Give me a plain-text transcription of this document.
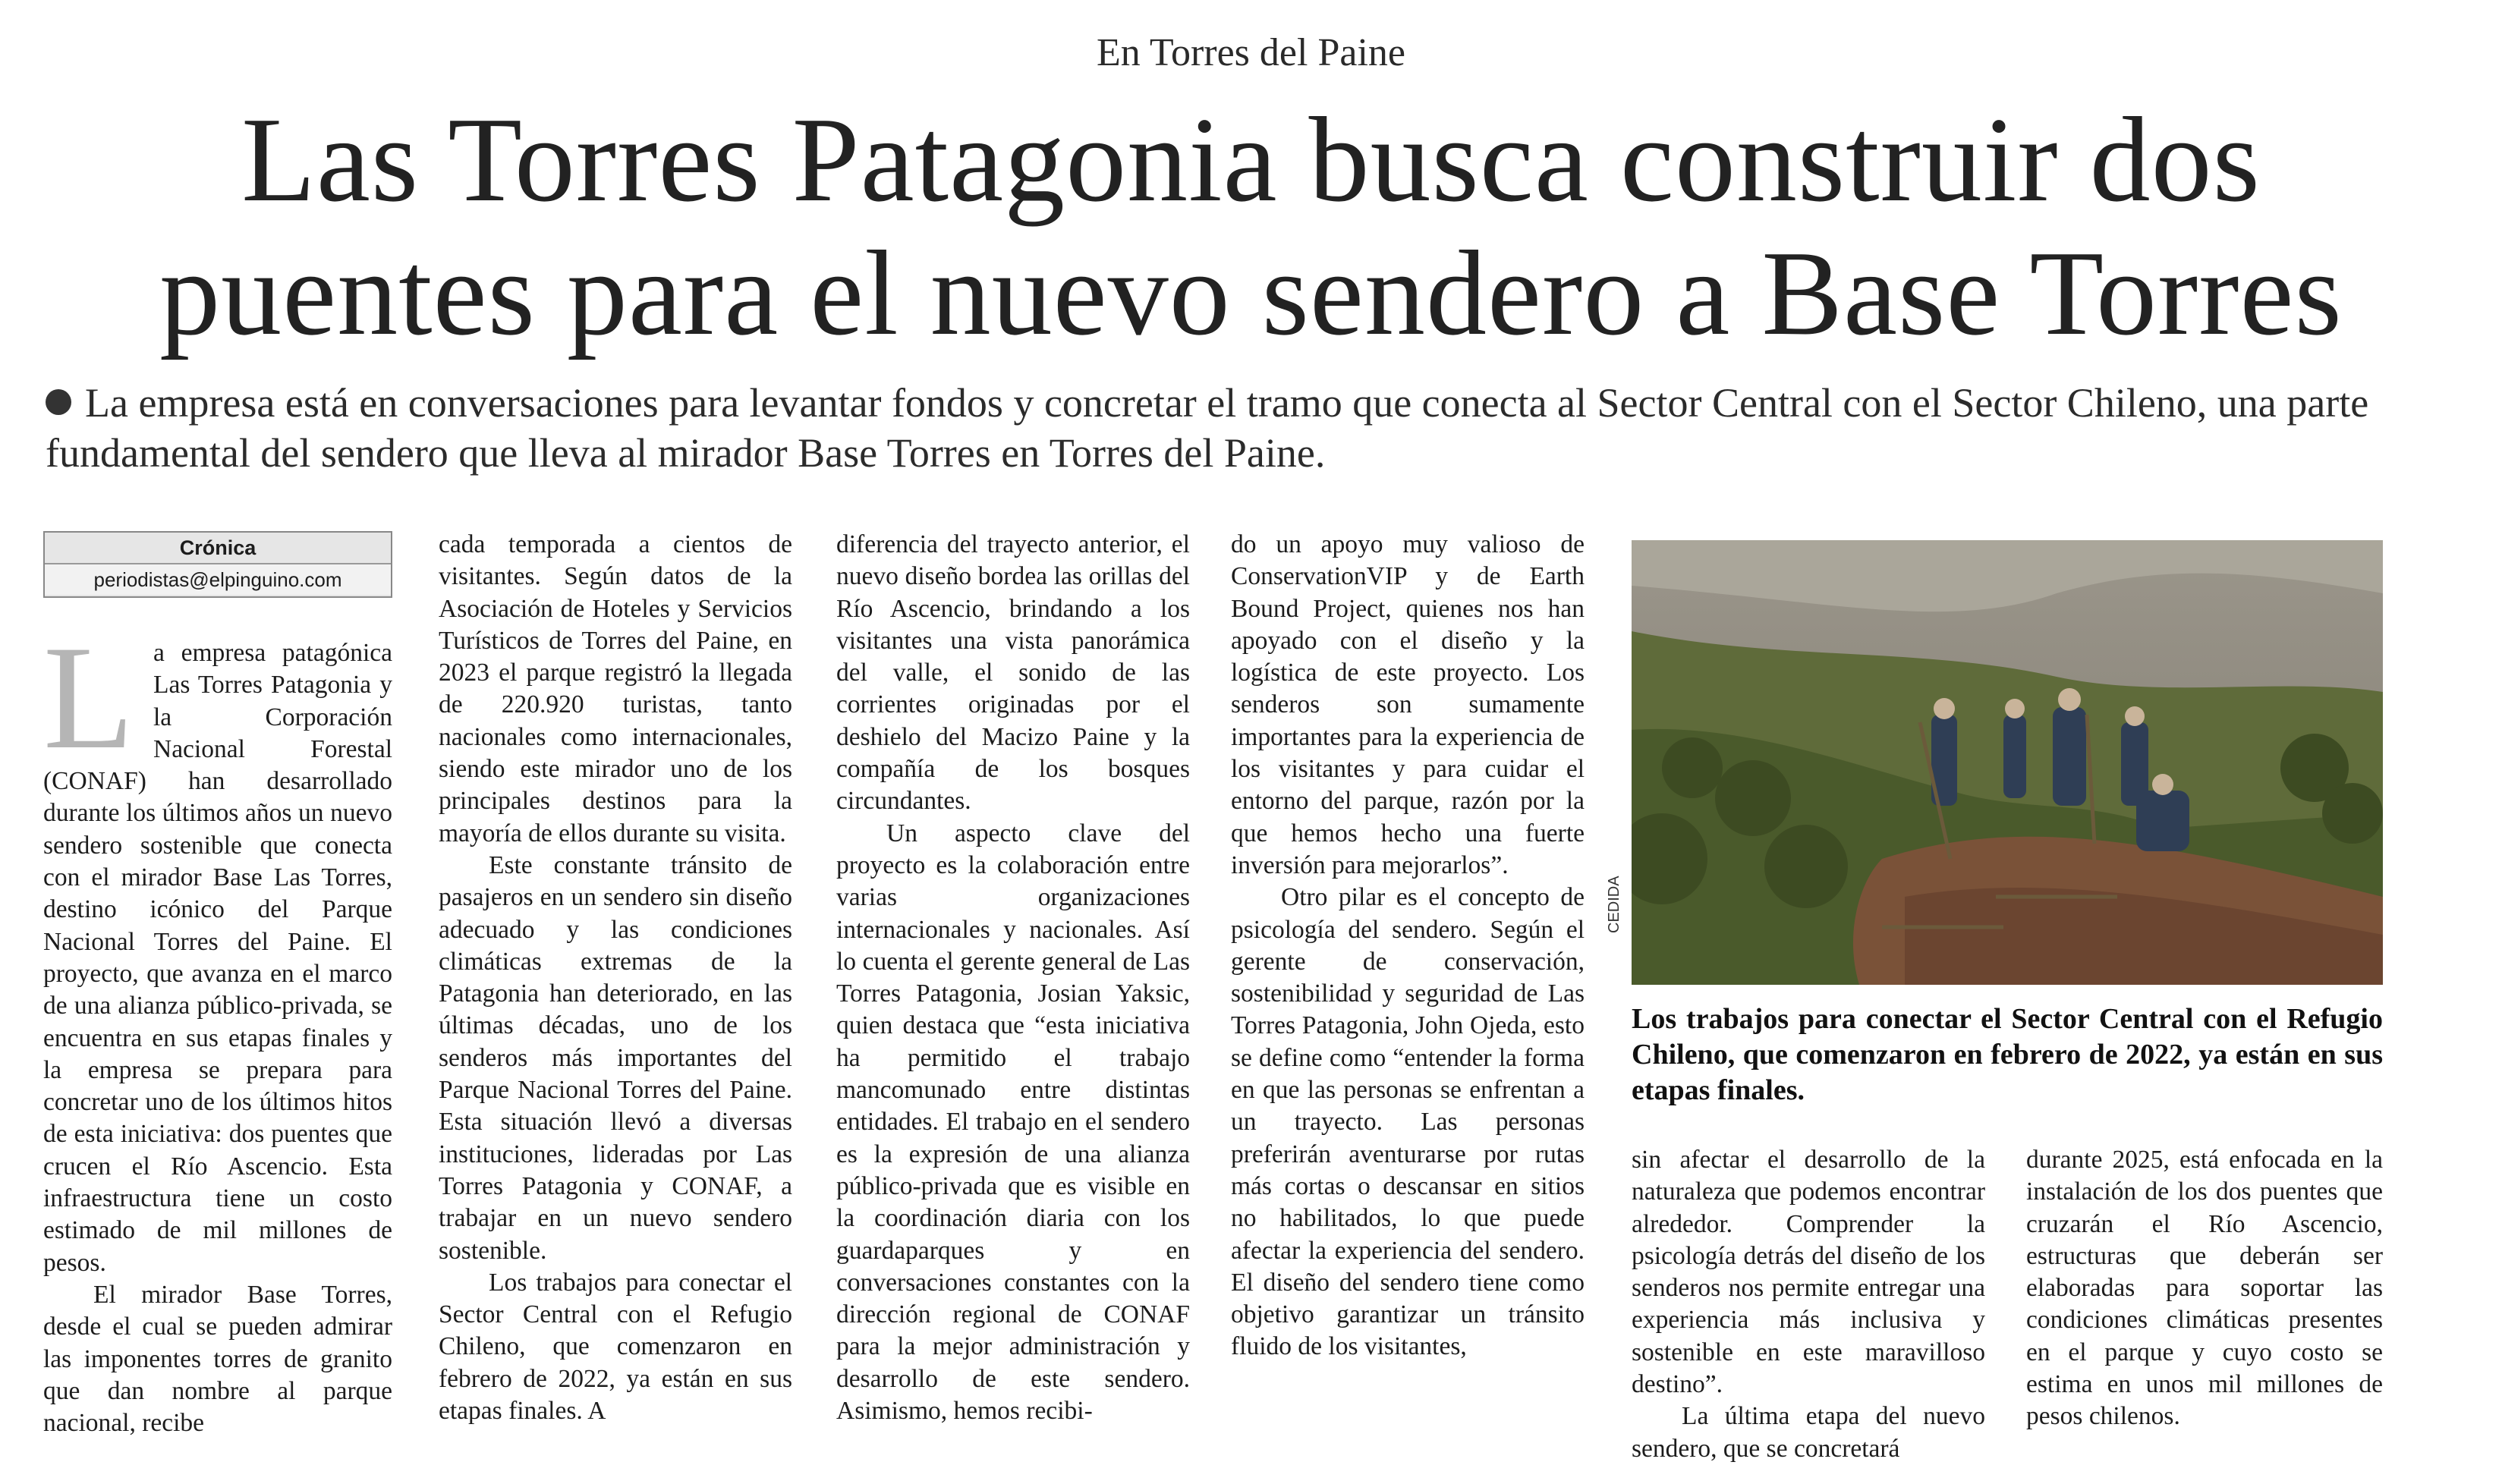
En Torres del Paine
Las Torres Patagonia busca construir dos
puentes para el nuevo sendero a Base Torres
La empresa está en conversaciones para levantar fondos y concretar el tramo que conecta al Sector Central con el Sector Chileno, una parte fundamental del sendero que lleva al mirador Base Torres en Torres del Paine.
Crónica
periodistas@elpinguino.com

La empresa patagónica Las Torres Patagonia y la Corporación Nacional Forestal (CONAF) han desarrollado durante los últimos años un nuevo sendero sostenible que conecta con el mirador Base Las Torres, destino icónico del Parque Nacional Torres del Paine. El proyecto, que avanza en el marco de una alianza público-privada, se encuentra en sus etapas finales y la empresa se prepara para concretar uno de los últimos hitos de esta iniciativa: dos puentes que crucen el Río Ascencio. Esta infraestructura tiene un costo estimado de mil millones de pesos.

El mirador Base Torres, desde el cual se pueden admirar las imponentes torres de granito que dan nombre al parque nacional, recibe

cada temporada a cientos de visitantes. Según datos de la Asociación de Hoteles y Servicios Turísticos de Torres del Paine, en 2023 el parque registró la llegada de 220.920 turistas, tanto nacionales como internacionales, siendo este mirador uno de los principales destinos para la mayoría de ellos durante su visita.

Este constante tránsito de pasajeros en un sendero sin diseño adecuado y las condiciones climáticas extremas de la Patagonia han deteriorado, en las últimas décadas, uno de los senderos más importantes del Parque Nacional Torres del Paine. Esta situación llevó a diversas instituciones, lideradas por Las Torres Patagonia y CONAF, a trabajar en un nuevo sendero sostenible.

Los trabajos para conectar el Sector Central con el Refugio Chileno, que comenzaron en febrero de 2022, ya están en sus etapas finales. A

diferencia del trayecto anterior, el nuevo diseño bordea las orillas del Río Ascencio, brindando a los visitantes una vista panorámica del valle, el sonido de las corrientes originadas por el deshielo del Macizo Paine y la compañía de los bosques circundantes.

Un aspecto clave del proyecto es la colaboración entre varias organizaciones internacionales y nacionales. Así lo cuenta el gerente general de Las Torres Patagonia, Josian Yaksic, quien destaca que “esta iniciativa ha permitido el trabajo mancomunado entre distintas entidades. El trabajo en el sendero es la expresión de una alianza público-privada que es visible en la coordinación diaria con los guardaparques y en conversaciones constantes con la dirección regional de CONAF para la mejor administración y desarrollo de este sendero. Asimismo, hemos recibi-

do un apoyo muy valioso de ConservationVIP y de Earth Bound Project, quienes nos han apoyado con el diseño y la logística de este proyecto. Los senderos son sumamente importantes para la experiencia de los visitantes y para cuidar el entorno del parque, razón por la que hemos hecho una fuerte inversión para mejorarlos”.

Otro pilar es el concepto de psicología del sendero. Según el gerente de conservación, sostenibilidad y seguridad de Las Torres Patagonia, John Ojeda, esto se define como “entender la forma en que las personas se enfrentan a un trayecto. Las personas preferirán aventurarse por rutas más cortas o descansar en sitios no habilitados, lo que puede afectar la experiencia del sendero. El diseño del sendero tiene como objetivo garantizar un tránsito fluido de los visitantes,

CEDIDA
Los trabajos para conectar el Sector Central con el Refugio Chileno, que comenzaron en febrero de 2022, ya están en sus etapas finales.

sin afectar el desarrollo de la naturaleza que podemos encontrar alrededor. Comprender la psicología detrás del diseño de los senderos nos permite entregar una experiencia más inclusiva y sostenible en este maravilloso destino”.

La última etapa del nuevo sendero, que se concretará

durante 2025, está enfocada en la instalación de los dos puentes que cruzarán el Río Ascencio, estructuras que deberán ser elaboradas para soportar las condiciones climáticas presentes en el parque y cuyo costo se estima en unos mil millones de pesos chilenos.
